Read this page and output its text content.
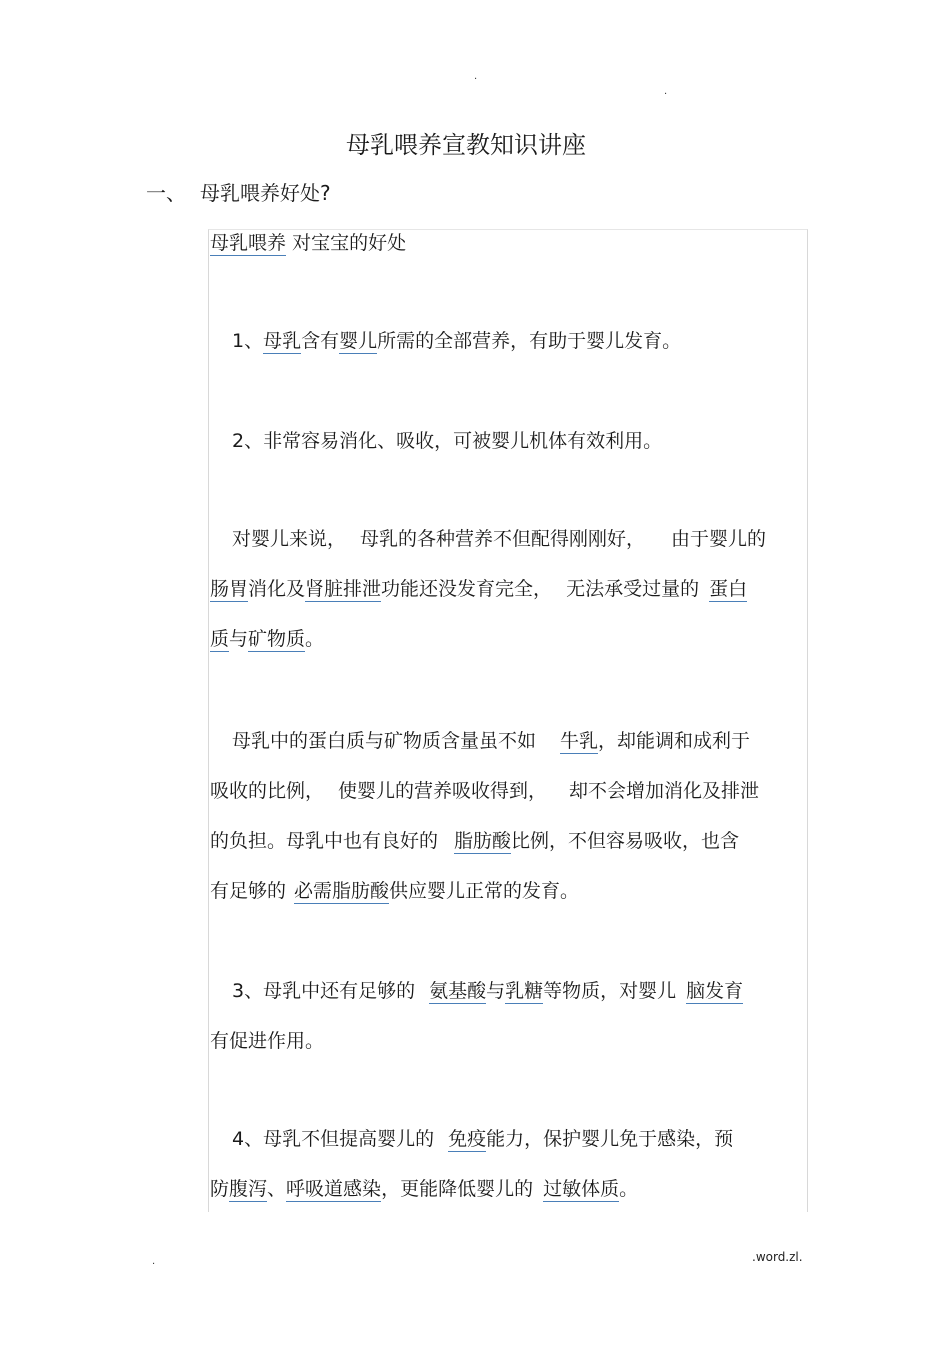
.
.
母乳喂养宣教知识讲座
一、 母乳喂养好处?
母乳喂养 对宝宝的好处
1、母乳含有婴儿所需的全部营养，有助于婴儿发育。
2、非常容易消化、吸收，可被婴儿机体有效利用。
对婴儿来说， 母乳的各种营养不但配得刚刚好， 由于婴儿的
肠胃消化及肾脏排泄功能还没发育完全， 无法承受过量的 蛋白
质与矿物质。
母乳中的蛋白质与矿物质含量虽不如 牛乳，却能调和成利于
吸收的比例， 使婴儿的营养吸收得到， 却不会增加消化及排泄
的负担。母乳中也有良好的 脂肪酸比例，不但容易吸收，也含
有足够的 必需脂肪酸供应婴儿正常的发育。
3、母乳中还有足够的 氨基酸与乳糖等物质，对婴儿 脑发育
有促进作用。
4、母乳不但提高婴儿的 免疫能力，保护婴儿免于感染，预
防腹泻、呼吸道感染，更能降低婴儿的 过敏体质。
.	.word.zl.
